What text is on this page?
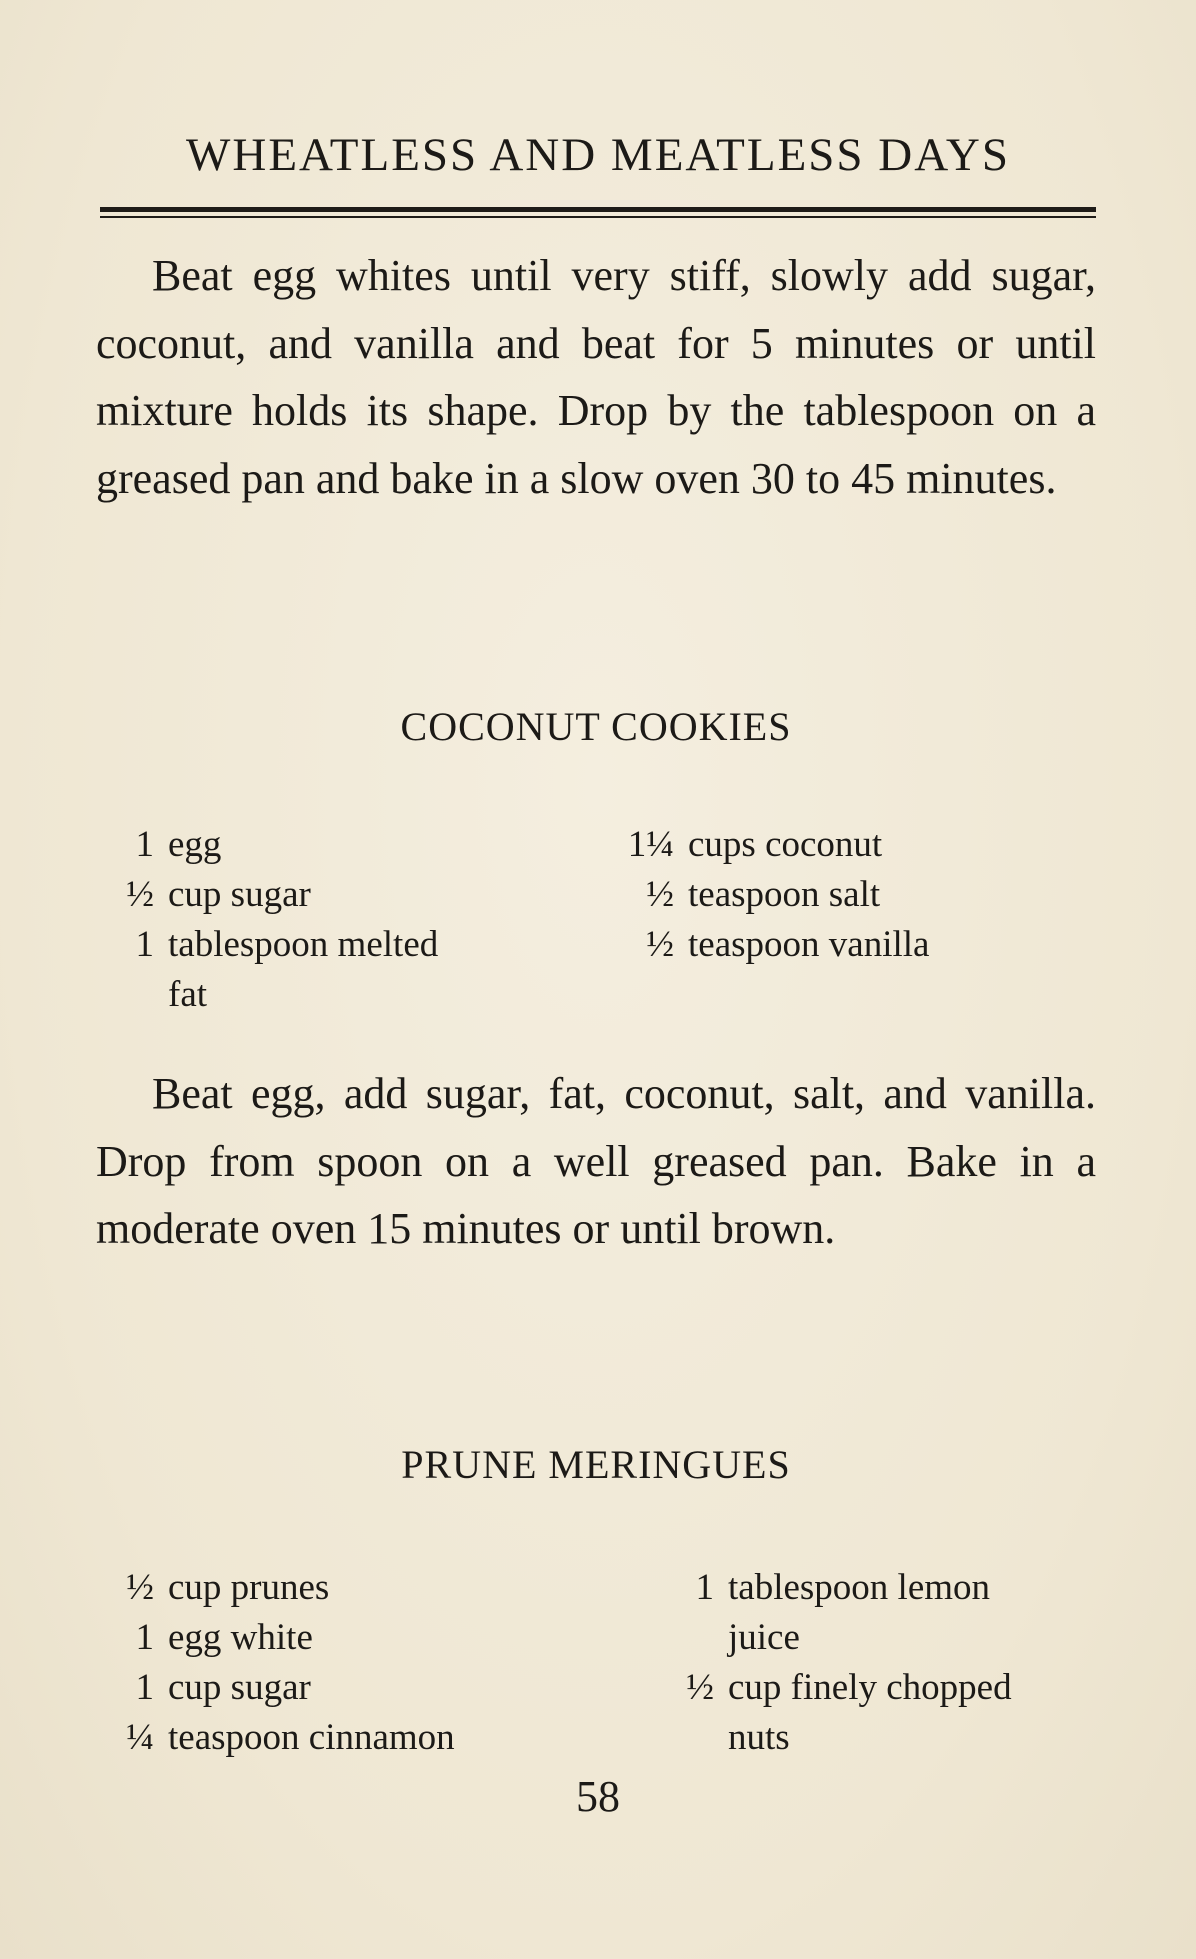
WHEATLESS AND MEATLESS DAYS

Beat egg whites until very stiff, slowly add sugar, coconut, and vanilla and beat for 5 minutes or until mixture holds its shape. Drop by the tablespoon on a greased pan and bake in a slow oven 30 to 45 minutes.

COCONUT COOKIES
1 egg
½ cup sugar
1 tablespoon melted
fat
1¼ cups coconut
½ teaspoon salt
½ teaspoon vanilla

Beat egg, add sugar, fat, coconut, salt, and vanilla. Drop from spoon on a well greased pan. Bake in a moderate oven 15 minutes or until brown.

PRUNE MERINGUES
½ cup prunes
1 egg white
1 cup sugar
¼ teaspoon cinnamon
1 tablespoon lemon
juice
½ cup finely chopped
nuts
58
